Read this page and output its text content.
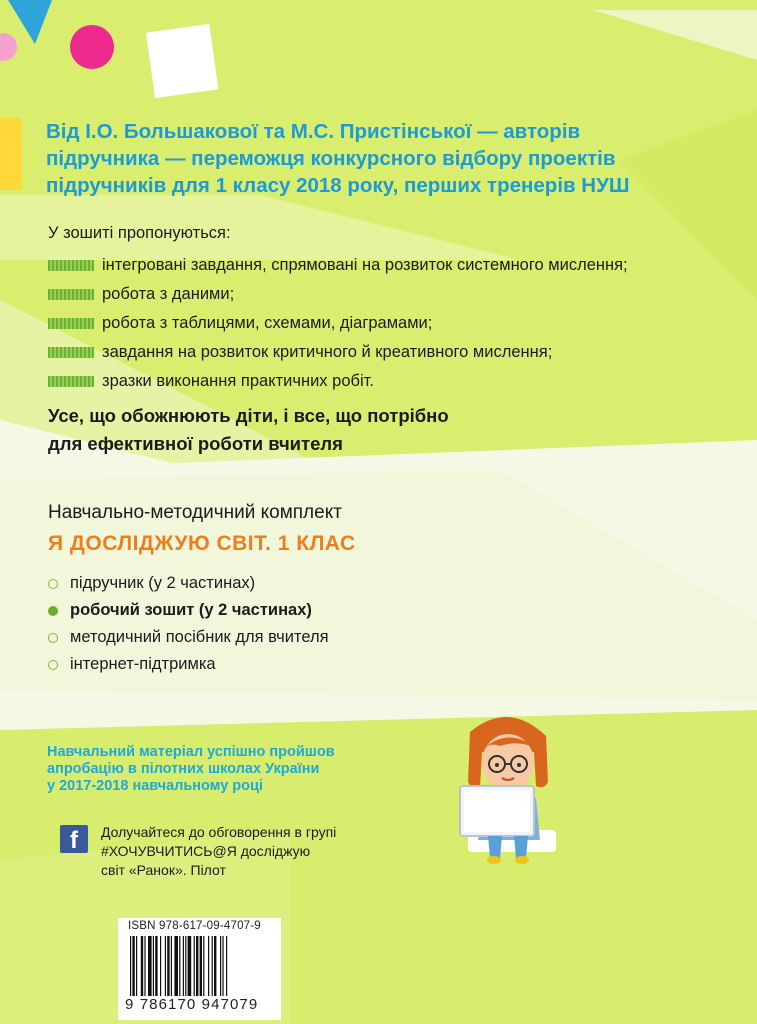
Від І.О. Большакової та М.С. Пристінської — авторів
підручника — переможця конкурсного відбору проектів
підручників для 1 класу 2018 року, перших тренерів НУШ
У зошиті пропонуються:
інтегровані завдання, спрямовані на розвиток системного мислення;
робота з даними;
робота з таблицями, схемами, діаграмами;
завдання на розвиток критичного й креативного мислення;
зразки виконання практичних робіт.
Усе, що обожнюють діти, і все, що потрібно
для ефективної роботи вчителя
Навчально-методичний комплект
Я ДОСЛІДЖУЮ СВІТ. 1 КЛАС
підручник (у 2 частинах)
робочий зошит (у 2 частинах)
методичний посібник для вчителя
інтернет-підтримка
Навчальний матеріал успішно пройшов
апробацію в пілотних школах України
у 2017-2018 навчальному році
f	Долучайтеся до обговорення в групі
#ХОЧУВЧИТИСЬ@Я досліджую
світ «Ранок». Пілот
ISBN 978-617-09-4707-9
9 786170 947079
